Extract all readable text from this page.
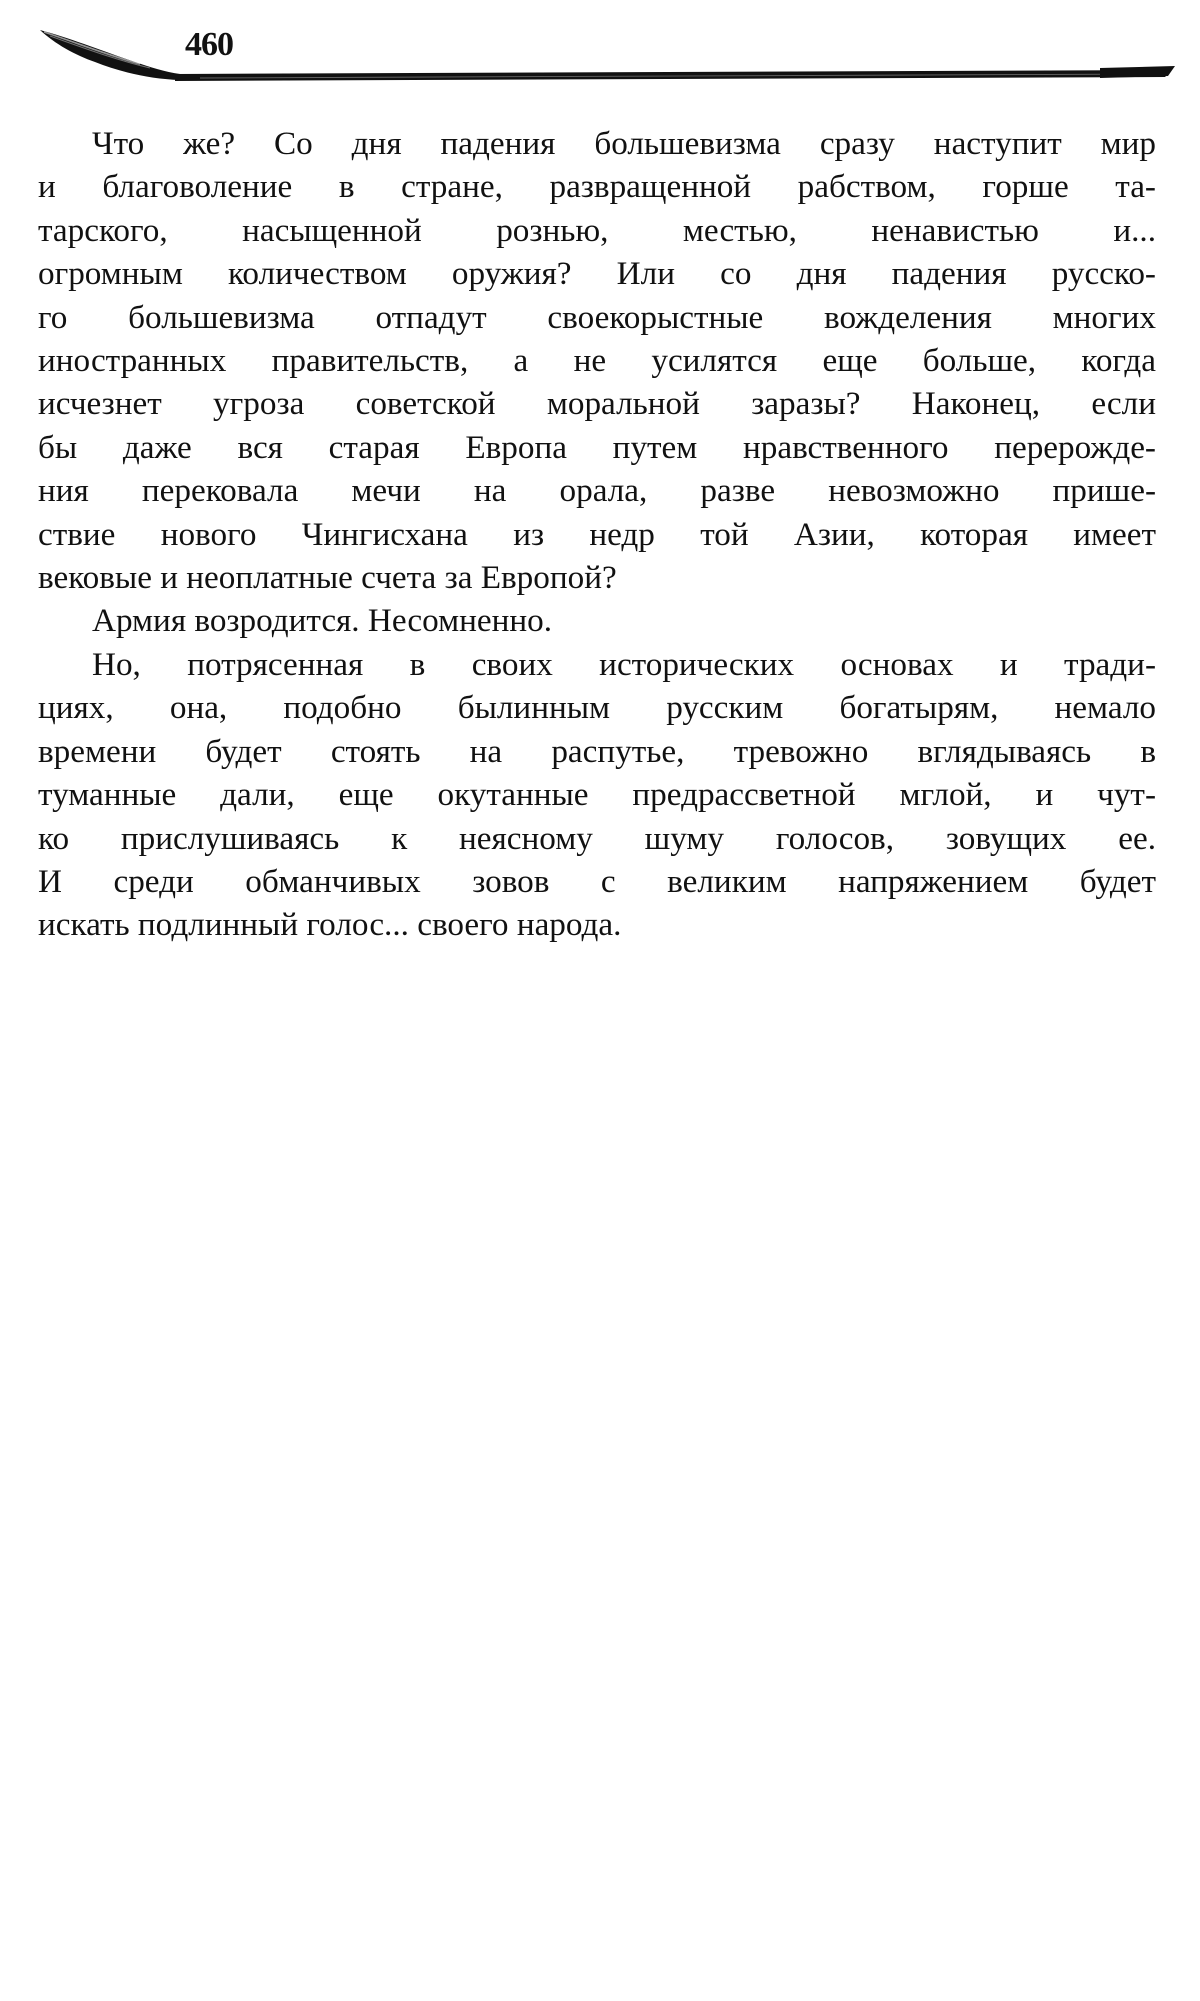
460
Что же? Со дня падения большевизма сразу наступит мир
и благоволение в стране, развращенной рабством, горше та-
тарского, насыщенной рознью, местью, ненавистью и...
огромным количеством оружия? Или со дня падения русско-
го большевизма отпадут своекорыстные вожделения многих
иностранных правительств, а не усилятся еще больше, когда
исчезнет угроза советской моральной заразы? Наконец, если
бы даже вся старая Европа путем нравственного перерожде-
ния перековала мечи на орала, разве невозможно прише-
ствие нового Чингисхана из недр той Азии, которая имеет
вековые и неоплатные счета за Европой?
Армия возродится. Несомненно.
Но, потрясенная в своих исторических основах и тради-
циях, она, подобно былинным русским богатырям, немало
времени будет стоять на распутье, тревожно вглядываясь в
туманные дали, еще окутанные предрассветной мглой, и чут-
ко прислушиваясь к неясному шуму голосов, зовущих ее.
И среди обманчивых зовов с великим напряжением будет
искать подлинный голос... своего народа.
